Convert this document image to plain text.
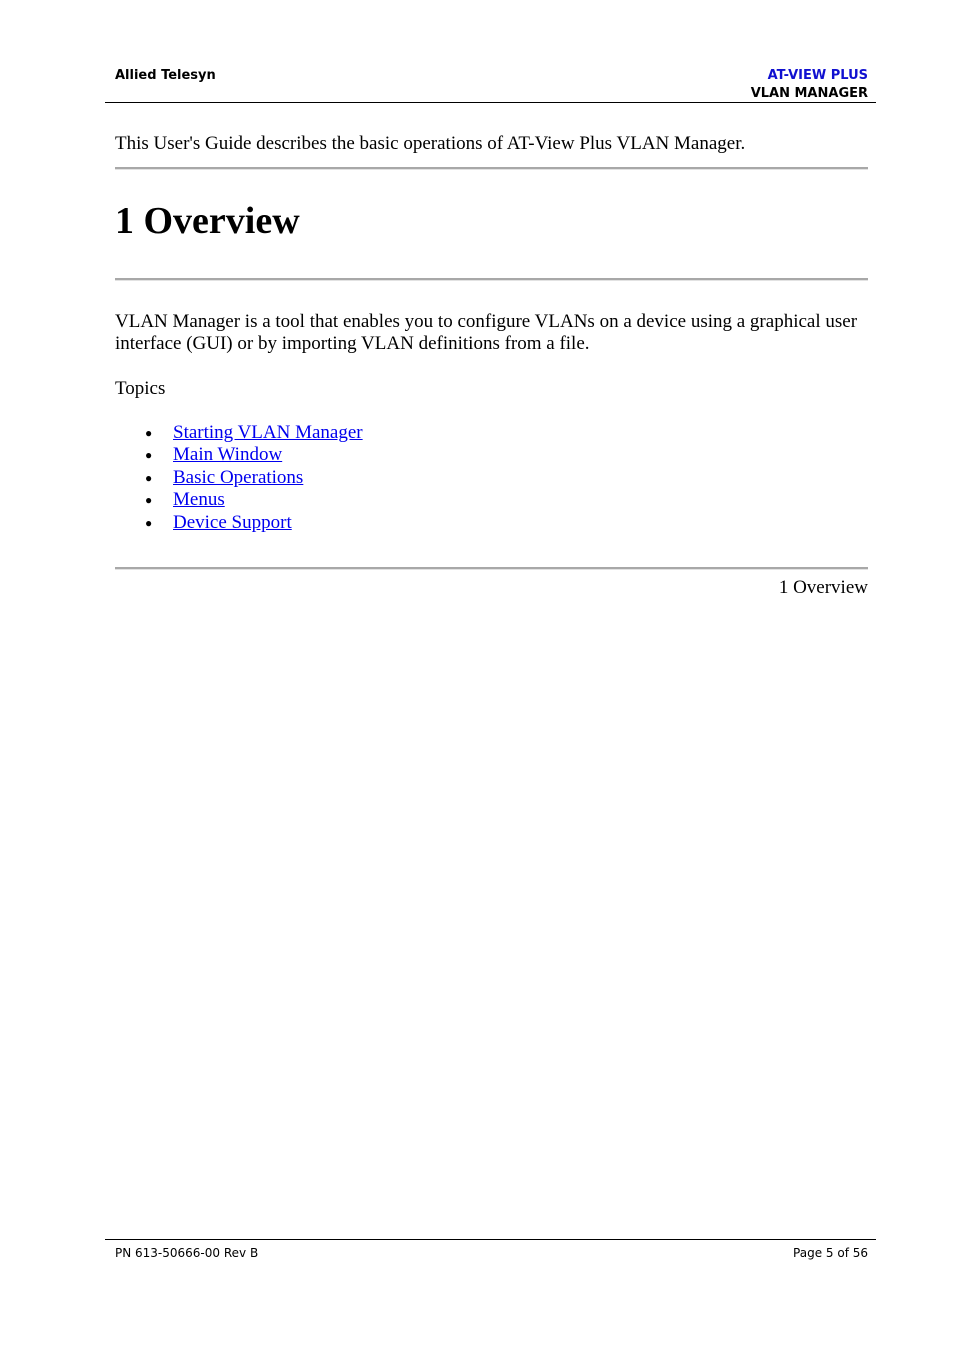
Allied Telesyn	AT-VIEW PLUS
VLAN MANAGER
This User's Guide describes the basic operations of AT-View Plus VLAN Manager.
1 Overview

VLAN Manager is a tool that enables you to configure VLANs on a device using a graphical user interface (GUI) or by importing VLAN definitions from a file.

Topics
●	Starting VLAN Manager
●	Main Window
●	Basic Operations
●	Menus
●	Device Support
1 Overview
PN 613-50666-00 Rev B	Page 5 of 56
